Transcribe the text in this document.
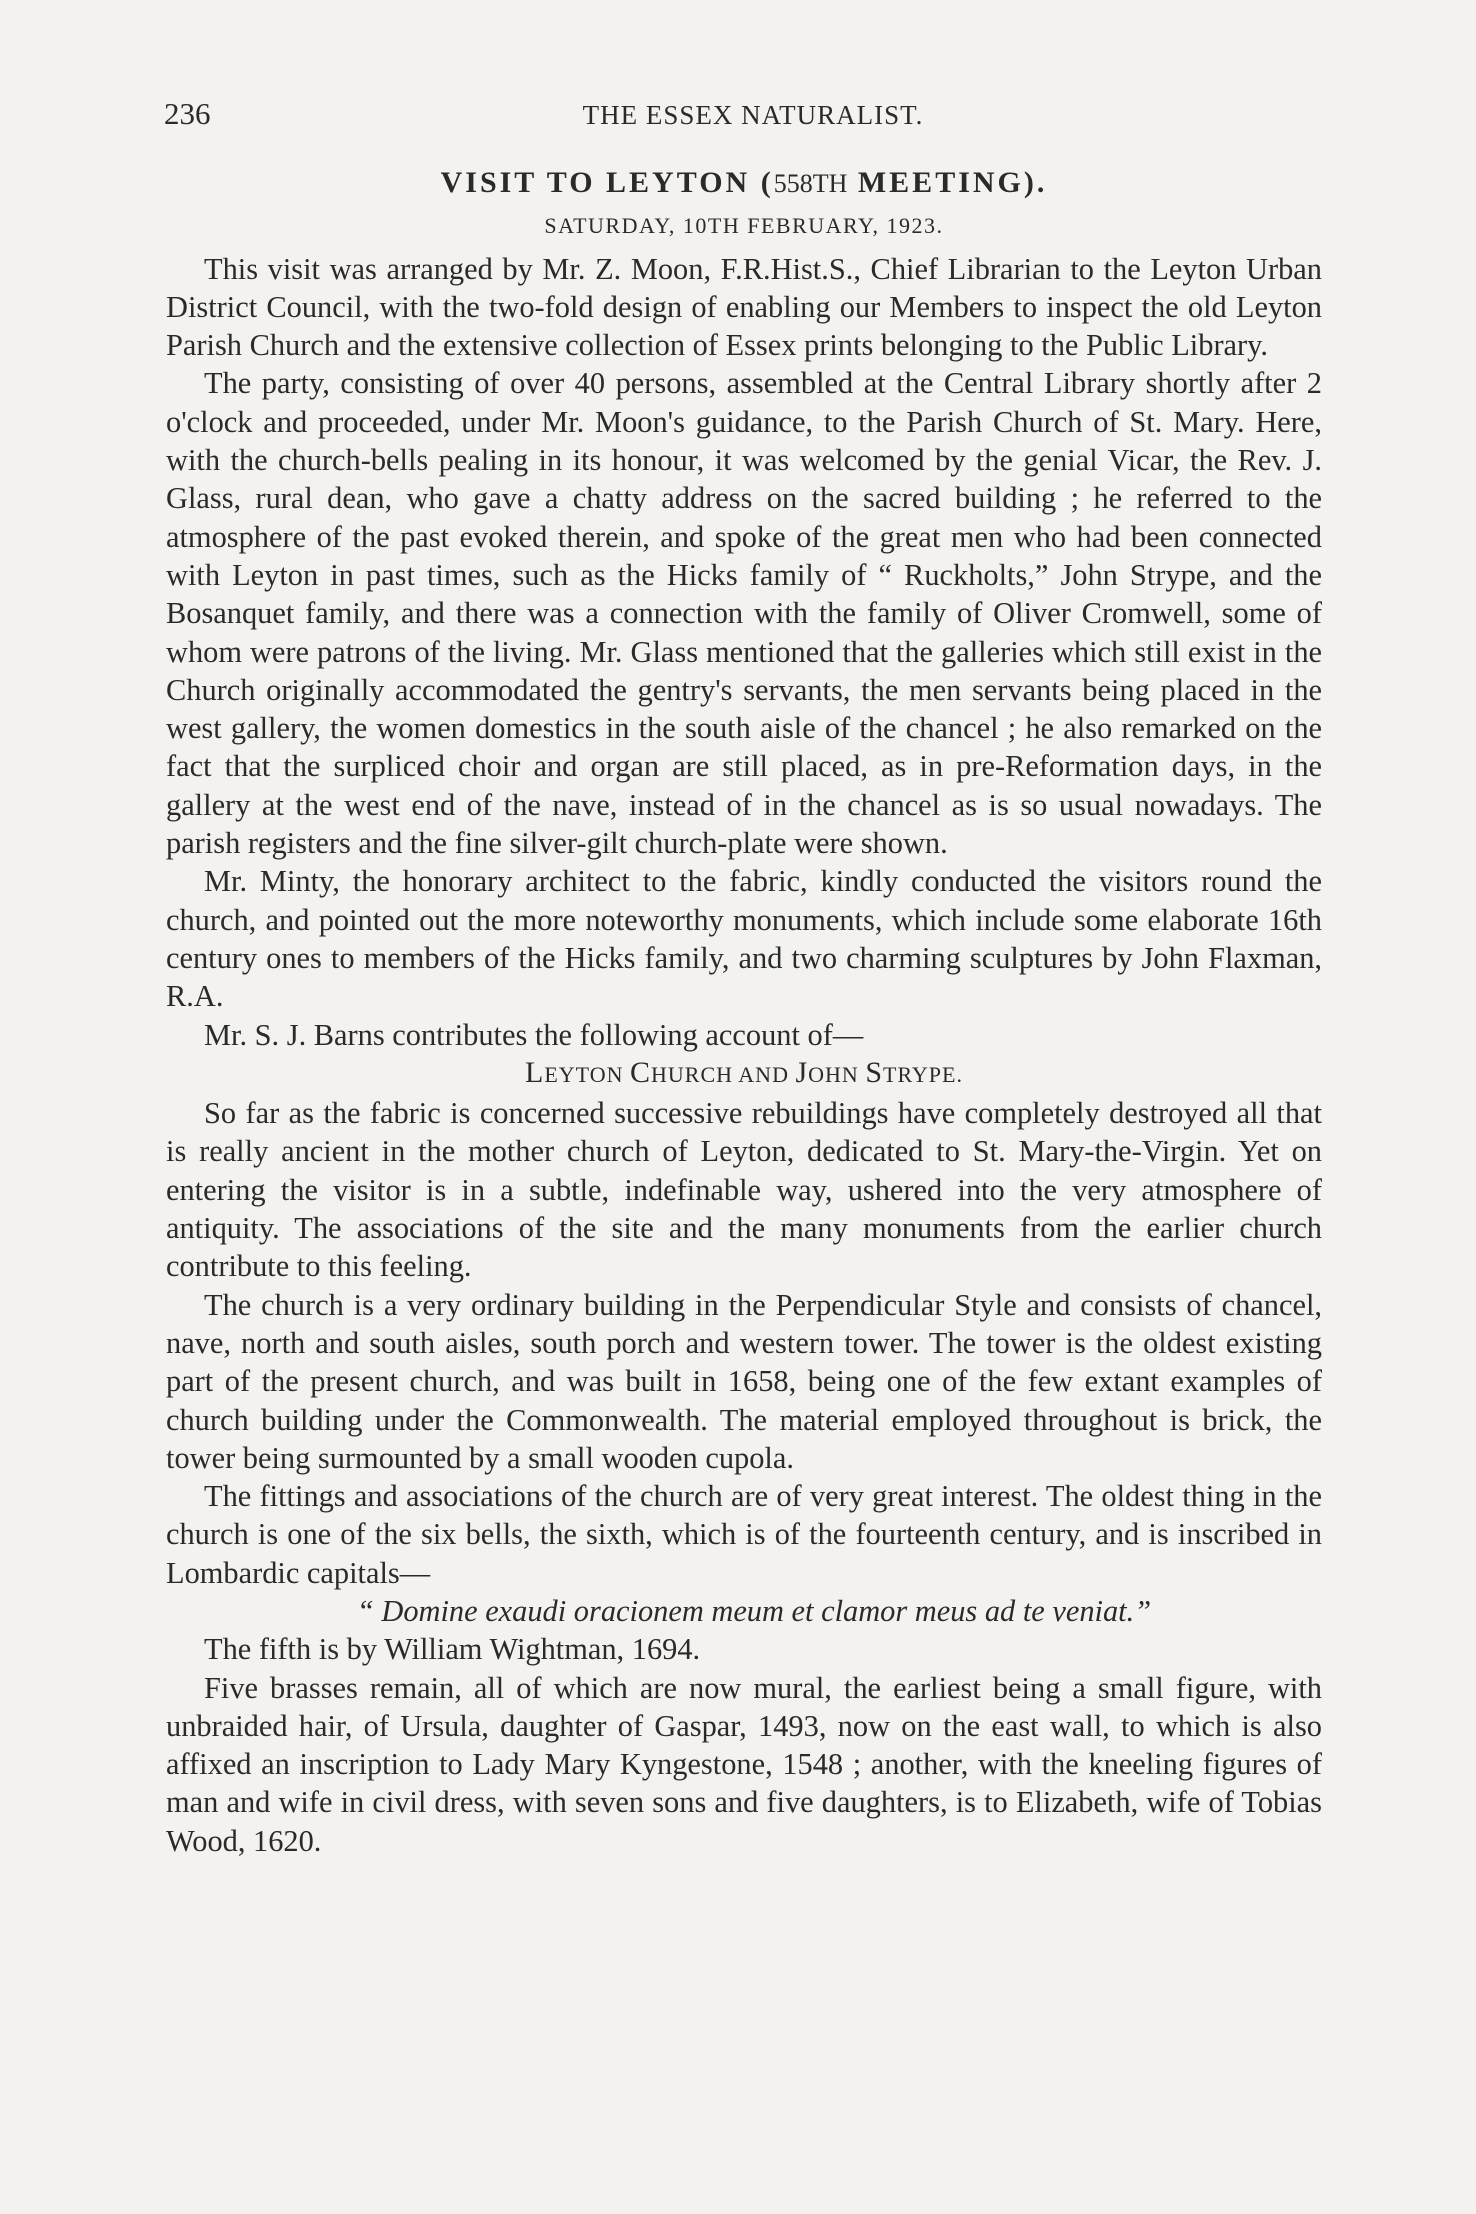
236	THE ESSEX NATURALIST.
VISIT TO LEYTON (558TH MEETING).
SATURDAY, 10TH FEBRUARY, 1923.

This visit was arranged by Mr. Z. Moon, F.R.Hist.S., Chief Librarian to the Leyton Urban District Council, with the two-fold design of enabling our Members to inspect the old Leyton Parish Church and the extensive collection of Essex prints belonging to the Public Library.

The party, consisting of over 40 persons, assembled at the Central Library shortly after 2 o'clock and proceeded, under Mr. Moon's guidance, to the Parish Church of St. Mary. Here, with the church-bells pealing in its honour, it was welcomed by the genial Vicar, the Rev. J. Glass, rural dean, who gave a chatty address on the sacred building ; he referred to the atmosphere of the past evoked therein, and spoke of the great men who had been connected with Leyton in past times, such as the Hicks family of “ Ruckholts,” John Strype, and the Bosanquet family, and there was a connection with the family of Oliver Cromwell, some of whom were patrons of the living. Mr. Glass mentioned that the galleries which still exist in the Church originally accommodated the gentry's servants, the men servants being placed in the west gallery, the women domestics in the south aisle of the chancel ; he also remarked on the fact that the surpliced choir and organ are still placed, as in pre-Reformation days, in the gallery at the west end of the nave, instead of in the chancel as is so usual nowadays. The parish registers and the fine silver-gilt church-plate were shown.

Mr. Minty, the honorary architect to the fabric, kindly conducted the visitors round the church, and pointed out the more noteworthy monuments, which include some elaborate 16th century ones to members of the Hicks family, and two charming sculptures by John Flaxman, R.A.

Mr. S. J. Barns contributes the following account of—

LEYTON CHURCH AND JOHN STRYPE.

So far as the fabric is concerned successive rebuildings have completely destroyed all that is really ancient in the mother church of Leyton, dedicated to St. Mary-the-Virgin. Yet on entering the visitor is in a subtle, indefinable way, ushered into the very atmosphere of antiquity. The associations of the site and the many monuments from the earlier church contribute to this feeling.

The church is a very ordinary building in the Perpendicular Style and consists of chancel, nave, north and south aisles, south porch and western tower. The tower is the oldest existing part of the present church, and was built in 1658, being one of the few extant examples of church building under the Commonwealth. The material employed throughout is brick, the tower being surmounted by a small wooden cupola.

The fittings and associations of the church are of very great interest. The oldest thing in the church is one of the six bells, the sixth, which is of the fourteenth century, and is inscribed in Lombardic capitals—

“ Domine exaudi oracionem meum et clamor meus ad te veniat.”

The fifth is by William Wightman, 1694.

Five brasses remain, all of which are now mural, the earliest being a small figure, with unbraided hair, of Ursula, daughter of Gaspar, 1493, now on the east wall, to which is also affixed an inscription to Lady Mary Kyngestone, 1548 ; another, with the kneeling figures of man and wife in civil dress, with seven sons and five daughters, is to Elizabeth, wife of Tobias Wood, 1620.
